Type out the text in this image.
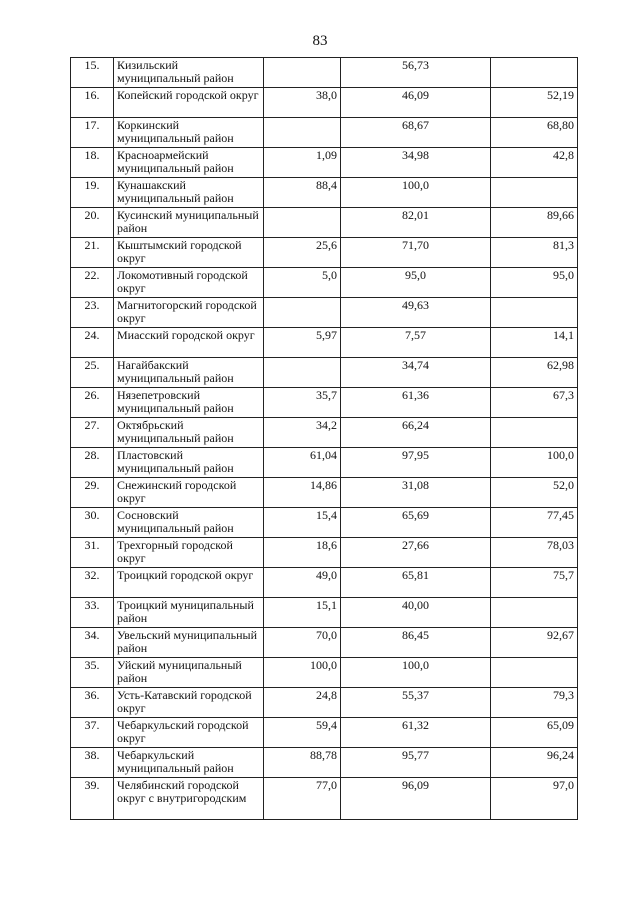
83
15.	Кизильский муниципальный район		56,73	
16.	Копейский городской округ	38,0	46,09	52,19
17.	Коркинский муниципальный район		68,67	68,80
18.	Красноармейский муниципальный район	1,09	34,98	42,8
19.	Кунашакский муниципальный район	88,4	100,0	
20.	Кусинский муниципальный район		82,01	89,66
21.	Кыштымский городской округ	25,6	71,70	81,3
22.	Локомотивный городской округ	5,0	95,0	95,0
23.	Магнитогорский городской округ		49,63	
24.	Миасский городской округ	5,97	7,57	14,1
25.	Нагайбакский муниципальный район		34,74	62,98
26.	Нязепетровский муниципальный район	35,7	61,36	67,3
27.	Октябрьский муниципальный район	34,2	66,24	
28.	Пластовский муниципальный район	61,04	97,95	100,0
29.	Снежинский городской округ	14,86	31,08	52,0
30.	Сосновский муниципальный район	15,4	65,69	77,45
31.	Трехгорный городской округ	18,6	27,66	78,03
32.	Троицкий городской округ	49,0	65,81	75,7
33.	Троицкий муниципальный район	15,1	40,00	
34.	Увельский муниципальный район	70,0	86,45	92,67
35.	Уйский муниципальный район	100,0	100,0	
36.	Усть-Катавский городской округ	24,8	55,37	79,3
37.	Чебаркульский городской округ	59,4	61,32	65,09
38.	Чебаркульский муниципальный район	88,78	95,77	96,24
39.	Челябинский городской округ с внутригородским	77,0	96,09	97,0
